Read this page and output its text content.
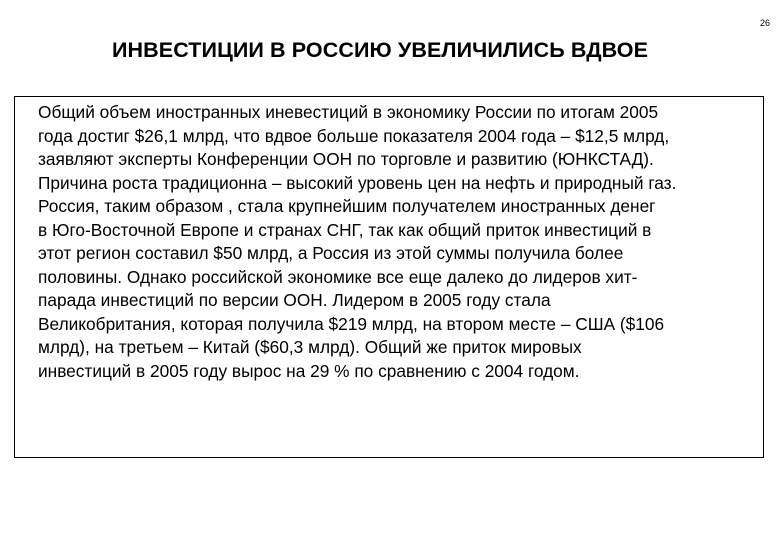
26
ИНВЕСТИЦИИ В РОССИЮ УВЕЛИЧИЛИСЬ ВДВОЕ

Общий объем иностранных иневестиций в экономику России по итогам 2005
года достиг $26,1 млрд, что вдвое больше показателя 2004 года – $12,5 млрд,
заявляют эксперты Конференции ООН по торговле и развитию (ЮНКСТАД).
Причина роста традиционна – высокий уровень цен на нефть и природный газ.

Россия, таким образом , стала крупнейшим получателем иностранных денег
в Юго-Восточной Европе и странах СНГ, так как общий приток инвестиций в
этот регион составил $50 млрд, а Россия из этой суммы получила более
половины. Однако российской экономике все еще далеко до лидеров хит-
парада инвестиций по версии ООН. Лидером в 2005 году стала
Великобритания, которая получила $219 млрд, на втором месте – США ($106
млрд), на третьем – Китай ($60,3 млрд). Общий же приток мировых
инвестиций в 2005 году вырос на 29 % по сравнению с 2004 годом.
